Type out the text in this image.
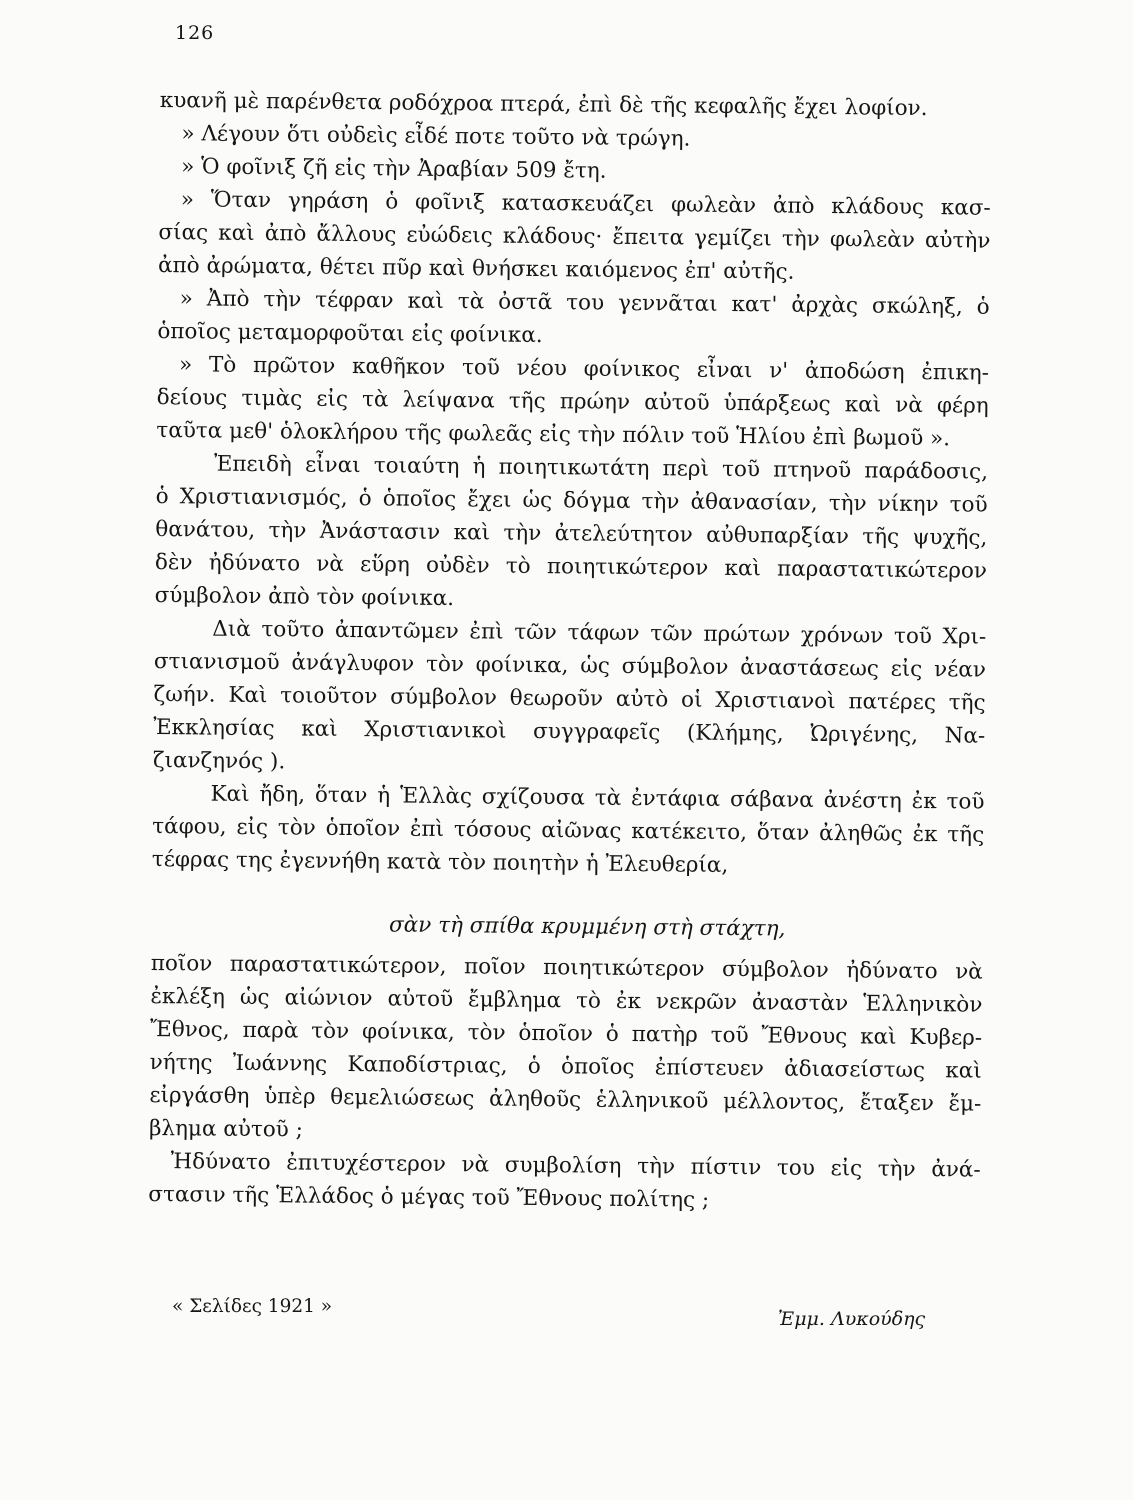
126
κυανῆ μὲ παρένθετα ροδόχροα πτερά, ἐπὶ δὲ τῆς κεφαλῆς ἔχει λοφίον.
» Λέγουν ὅτι οὐδεὶς εἶδέ ποτε τοῦτο νὰ τρώγη.
» Ὁ φοῖνιξ ζῆ εἰς τὴν Ἀραβίαν 509 ἔτη.
» Ὅταν γηράση ὁ φοῖνιξ κατασκευάζει φωλεὰν ἀπὸ κλάδους κασ-
σίας καὶ ἀπὸ ἄλλους εὐώδεις κλάδους· ἔπειτα γεμίζει τὴν φωλεὰν αὐτὴν
ἀπὸ ἀρώματα, θέτει πῦρ καὶ θνήσκει καιόμενος ἐπ' αὐτῆς.
» Ἀπὸ τὴν τέφραν καὶ τὰ ὀστᾶ του γεννᾶται κατ' ἀρχὰς σκώληξ, ὁ
ὁποῖος μεταμορφοῦται εἰς φοίνικα.
» Τὸ πρῶτον καθῆκον τοῦ νέου φοίνικος εἶναι ν' ἀποδώση ἐπικη-
δείους τιμὰς εἰς τὰ λείψανα τῆς πρώην αὐτοῦ ὑπάρξεως καὶ νὰ φέρη
ταῦτα μεθ' ὁλοκλήρου τῆς φωλεᾶς εἰς τὴν πόλιν τοῦ Ἡλίου ἐπὶ βωμοῦ ».
Ἐπειδὴ εἶναι τοιαύτη ἡ ποιητικωτάτη περὶ τοῦ πτηνοῦ παράδοσις,
ὁ Χριστιανισμός, ὁ ὁποῖος ἔχει ὡς δόγμα τὴν ἀθανασίαν, τὴν νίκην τοῦ
θανάτου, τὴν Ἀνάστασιν καὶ τὴν ἀτελεύτητον αὐθυπαρξίαν τῆς ψυχῆς,
δὲν ἠδύνατο νὰ εὕρη οὐδὲν τὸ ποιητικώτερον καὶ παραστατικώτερον
σύμβολον ἀπὸ τὸν φοίνικα.
Διὰ τοῦτο ἀπαντῶμεν ἐπὶ τῶν τάφων τῶν πρώτων χρόνων τοῦ Χρι-
στιανισμοῦ ἀνάγλυφον τὸν φοίνικα, ὡς σύμβολον ἀναστάσεως εἰς νέαν
ζωήν. Καὶ τοιοῦτον σύμβολον θεωροῦν αὐτὸ οἱ Χριστιανοὶ πατέρες τῆς
Ἐκκλησίας καὶ Χριστιανικοὶ συγγραφεῖς (Κλήμης, Ὠριγένης, Να-
ζιανζηνός ).
Καὶ ἤδη, ὅταν ἡ Ἑλλὰς σχίζουσα τὰ ἐντάφια σάβανα ἀνέστη ἐκ τοῦ
τάφου, εἰς τὸν ὁποῖον ἐπὶ τόσους αἰῶνας κατέκειτο, ὅταν ἀληθῶς ἐκ τῆς
τέφρας της ἐγεννήθη κατὰ τὸν ποιητὴν ἡ Ἐλευθερία,
σὰν τὴ σπίθα κρυμμένη στὴ στάχτη,
ποῖον παραστατικώτερον, ποῖον ποιητικώτερον σύμβολον ἠδύνατο νὰ
ἐκλέξη ὡς αἰώνιον αὐτοῦ ἔμβλημα τὸ ἐκ νεκρῶν ἀναστὰν Ἑλληνικὸν
Ἔθνος, παρὰ τὸν φοίνικα, τὸν ὁποῖον ὁ πατὴρ τοῦ Ἔθνους καὶ Κυβερ-
νήτης Ἰωάννης Καποδίστριας, ὁ ὁποῖος ἐπίστευεν ἀδιασείστως καὶ
εἰργάσθη ὑπὲρ θεμελιώσεως ἀληθοῦς ἑλληνικοῦ μέλλοντος, ἔταξεν ἔμ-
βλημα αὐτοῦ ;
Ἠδύνατο ἐπιτυχέστερον νὰ συμβολίση τὴν πίστιν του εἰς τὴν ἀνά-
στασιν τῆς Ἑλλάδος ὁ μέγας τοῦ Ἔθνους πολίτης ;
« Σελίδες 1921 »
Ἐμμ. Λυκούδης
